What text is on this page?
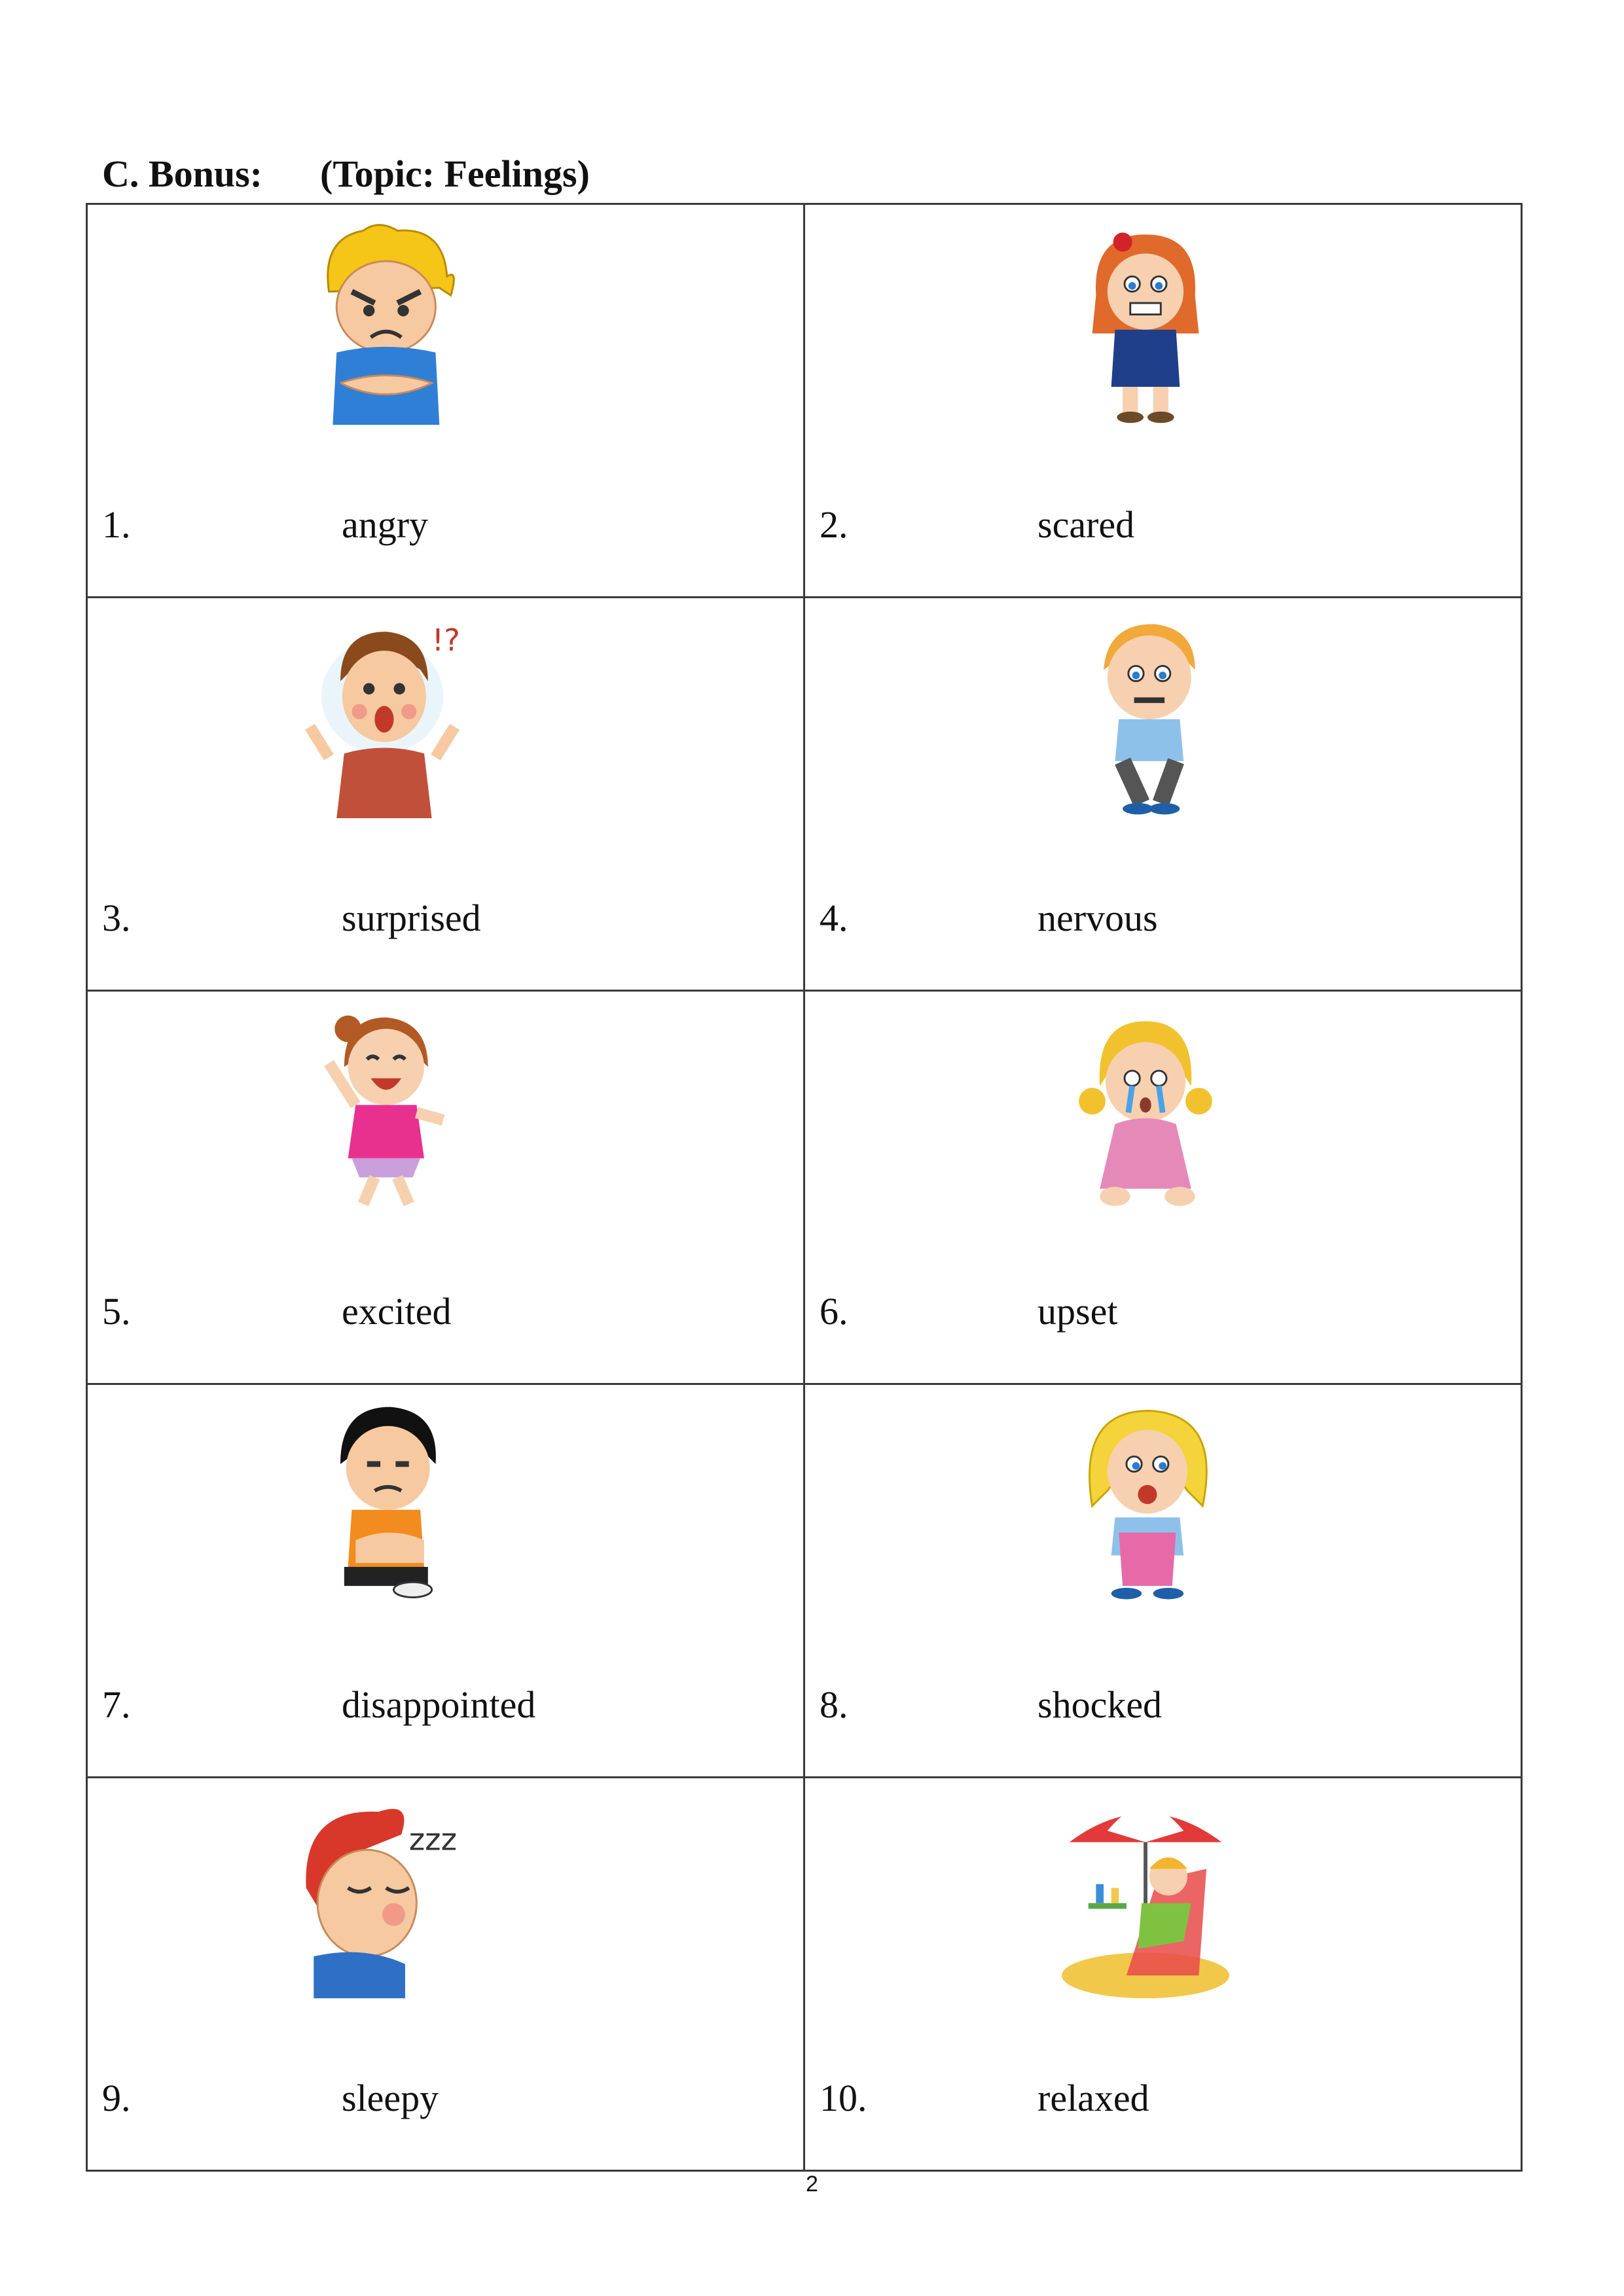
C. Bonus:	(Topic: Feelings)
1. angry	2. scared

!?
3. surprised	4. nervous

5. excited	6. upset

7. disappointed	8. shocked

zzz
9. sleepy	10. relaxed
2
